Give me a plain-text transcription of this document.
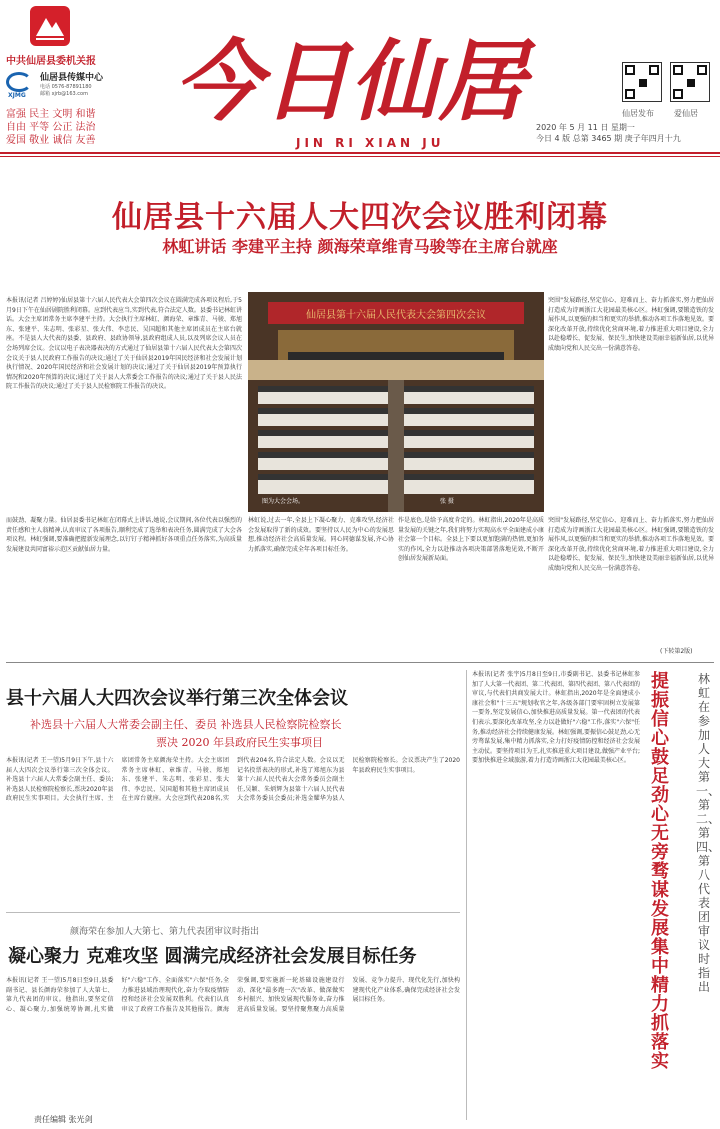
中共仙居县委机关报
XJMG
仙居县传媒中心
电话 0576-87891180
邮箱 xjrb@163.com
富强 民主 文明 和谐
自由 平等 公正 法治
爱国 敬业 诚信 友善
今日仙居
JIN RI XIAN JU
仙居发布	爱仙居
2020 年 5 月 11 日 星期一
今日 4 版 总第 3465 期 庚子年四月十九
仙居县十六届人大四次会议胜利闭幕
林虹讲话 李建平主持 颜海荣章维青马骏等在主席台就座
本报讯(记者 吕婷婷)仙居县第十六届人民代表大会第四次会议在圆满完成各项议程后,于5月9日下午在仙居剧院胜利闭幕。应到代表应当,实到代表,符合法定人数。县委书记林虹讲话。大会主席团常务主席李建平主持。大会执行主席林虹、颜海荣、章维青、马骏、郑旭东、张建平、朱志明、张彩星、张大伟、李忠民、吴国超和其他主席团成员在主席台就座。不是县人大代表的县委、县政府、县政协领导,县政府组成人员,以及列席会议人员在会场列席会议。会议以电子表决器表决的方式通过了仙居县第十六届人民代表大会第四次会议关于县人民政府工作报告的决议;通过了关于仙居县2019年国民经济和社会发展计划执行情况、2020年国民经济和社会发展计划的决议;通过了关于仙居县2019年预算执行情况和2020年预算的决议;通过了关于县人大常委会工作报告的决议;通过了关于县人民法院工作报告的决议;通过了关于县人民检察院工作报告的决议。
仙居县第十六届人民代表大会第四次会议
图为大会会场。	张 摄
突围"发展路径,坚定信心、迎难而上、奋力抓落实,努力把仙居打造成为诗画浙江大花园最美核心区。林虹强调,要锻造铁的发展作风,以更强的担当和更实的举措,推动各项工作落地见效。要深化改革开放,持续优化营商环境,着力推进重大项目建设,全力以赴稳增长、促发展、保民生,加快建设美丽幸福新仙居,以优异成绩向党和人民交出一份满意答卷。
而鼓劲、凝聚力量。仙居县委书记林虹在闭幕式上讲话,她说,会议期间,各位代表以强烈的责任感和主人翁精神,认真审议了各项报告,顺利完成了选举和表决任务,圆满完成了大会各项议程。林虹强调,要准确把握新发展理念,以钉钉子精神抓好各项重点任务落实,为高质量发展建设共同富裕示范区贡献仙居力量。
林虹说,过去一年,全县上下凝心聚力、克难攻坚,经济社会发展取得了新的成效。要坚持以人民为中心的发展思想,推动经济社会高质量发展。同心同德谋发展,齐心协力抓落实,确保完成全年各项目标任务。
作是底色,是给予高度肯定的。林虹指出,2020年是高质量发展的关键之年,我们将努力实现高水平全面建成小康社会第一个目标。全县上下要以更加饱满的热情,更加务实的作风,全力以赴推动各项决策部署落地见效,不断开创仙居发展新局面。
突围"发展路径,坚定信心、迎难而上、奋力抓落实,努力把仙居打造成为诗画浙江大花园最美核心区。林虹强调,要锻造铁的发展作风,以更强的担当和更实的举措,推动各项工作落地见效。要深化改革开放,持续优化营商环境,着力推进重大项目建设,全力以赴稳增长、促发展、保民生,加快建设美丽幸福新仙居,以优异成绩向党和人民交出一份满意答卷。
(下转第2版)
县十六届人大四次会议举行第三次全体会议
补选县十六届人大常委会副主任、委员 补选县人民检察院检察长
票决 2020 年县政府民生实事项目
本报讯(记者 王一望)5月9日下午,县十六届人大四次会议举行第三次全体会议。补选县十六届人大常委会副主任、委员;补选县人民检察院检察长,票决2020年县政府民生实事项目。大会执行主席、主席团常务主席颜海荣主持。大会主席团常务主席林虹、章维青、马骏、郑旭东、张建平、朱志明、张彩星、张大伟、李忠民、吴国超和其他主席团成员在主席台就座。大会应到代表208名,实到代表204名,符合法定人数。会议以无记名投票表决的形式,补选了郑旭东为县第十六届人民代表大会常务委员会副主任,吴颖、朱炳辉为县第十六届人民代表大会常务委员会委员;补选金耀华为县人民检察院检察长。会议票决产生了2020年县政府民生实事项目。
颜海荣在参加人大第七、第九代表团审议时指出
凝心聚力 克难攻坚 圆满完成经济社会发展目标任务
本报讯(记者 王一望)5月8日至9日,县委副书记、县长颜海荣参加了人大第七、第九代表团的审议。他指出,要坚定信心、凝心聚力,加强统筹协调,扎实做好"六稳"工作、全面落实"六保"任务,全力推进县域治理现代化,奋力夺取疫情防控和经济社会发展双胜利。代表们认真审议了政府工作报告及其他报告。颜海荣强调,要实施新一轮基础设施建设行动、深化"最多跑一次"改革、做深做实乡村振兴、加快发展现代服务业,奋力推进高质量发展。要坚持聚焦聚力高质量发展、竞争力提升、现代化先行,加快构建现代化产业体系,确保完成经济社会发展目标任务。
责任编辑 张光剑
本报讯(记者 张宇)5月8日至9日,市委副书记、县委书记林虹参加了人大第一代表团、第二代表团、第四代表团、第八代表团的审议,与代表们共商发展大计。林虹指出,2020年是全面建成小康社会和"十三五"规划收官之年,各级各部门要牢固树立发展第一要务,坚定发展信心,加快推进高质量发展。第一代表团的代表们表示,要深化改革攻坚,全力以赴做好"六稳"工作,落实"六保"任务,推动经济社会持续健康发展。林虹强调,要振信心鼓足劲,心无旁骛谋发展,集中精力抓落实,全力打好疫情防控和经济社会发展主动仗。要坚持项目为王,扎实推进重大项目建设,做强产业平台;要加快推进全域旅游,着力打造诗画浙江大花园最美核心区。
提振信心鼓足劲 心无旁骛谋发展 集中精力抓落实
林虹在参加人大第一、第二、第四、第八代表团审议时指出
